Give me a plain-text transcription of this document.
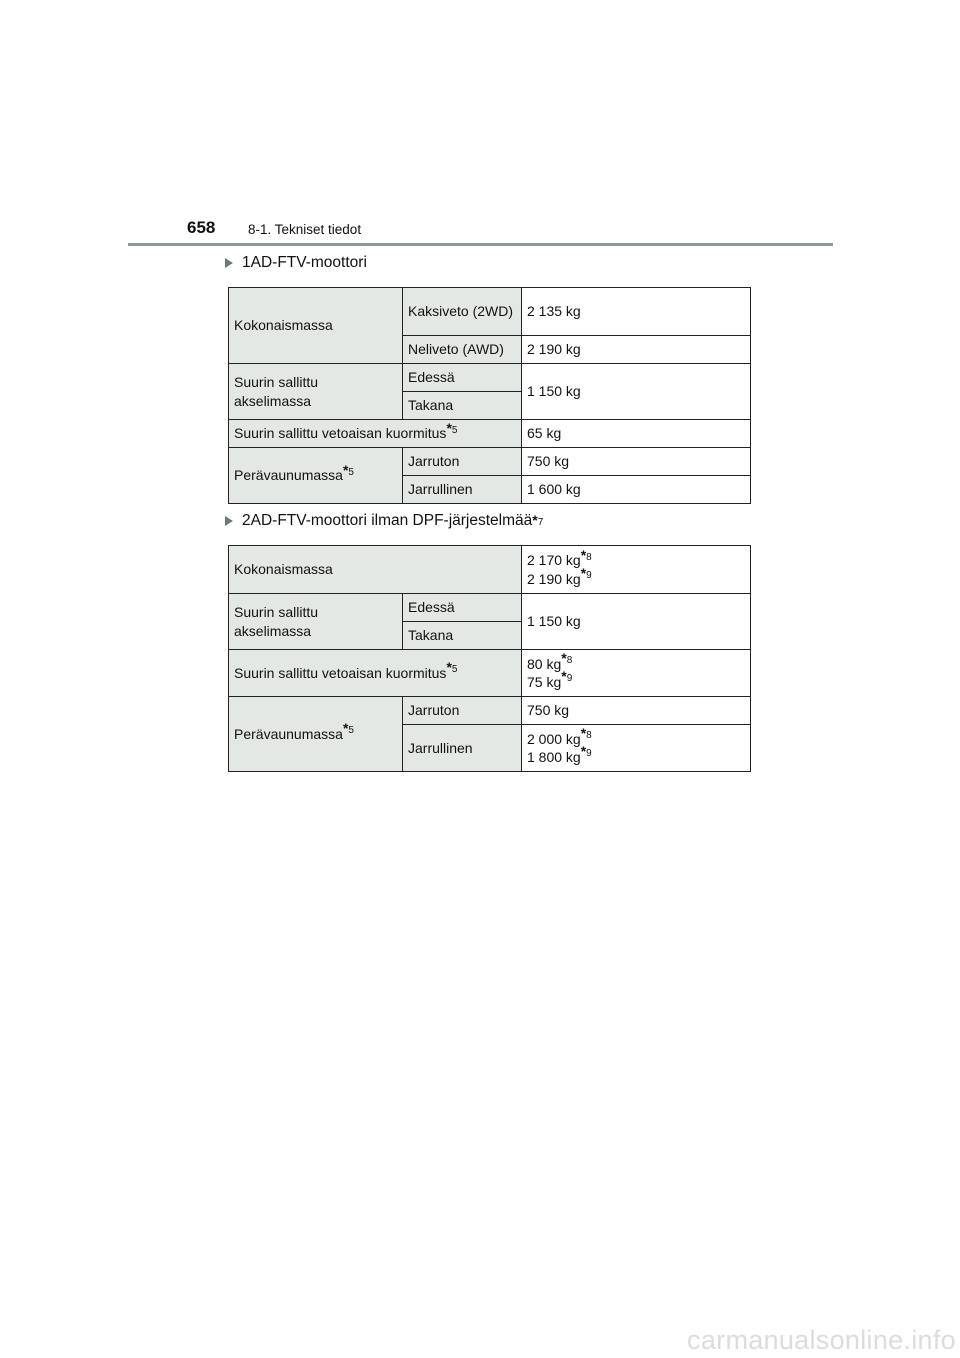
658 8-1. Tekniset tiedot
1AD-FTV-moottori
Kokonaismassa	Kaksiveto (2WD)	2 135 kg
	Neliveto (AWD)	2 190 kg
Suurin sallittu akselimassa	Edessä	1 150 kg
	Takana	
Suurin sallittu vetoaisan kuormitus$^{*5}$		65 kg
Perävaunumassa$^{*5}$	Jarruton	750 kg
	Jarrullinen	1 600 kg
2AD-FTV-moottori ilman DPF-järjestelmää *7
Kokonaismassa		2 170 $kg^{*8}$
2 190 $kg^{*9}$

Suurin sallittu akselimassa	Edessä	1 150 kg
	Takana	
Suurin sallittu vetoaisan kuormitus$^{*5}$		80 $kg^{*8}$
75 $kg^{*9}$

Perävaunumassa$^{*5}$	Jarruton	750 kg
	Jarrullinen	2 000 $kg^{*8}$
1 800 $kg^{*9}$
carmanualsonline.info
